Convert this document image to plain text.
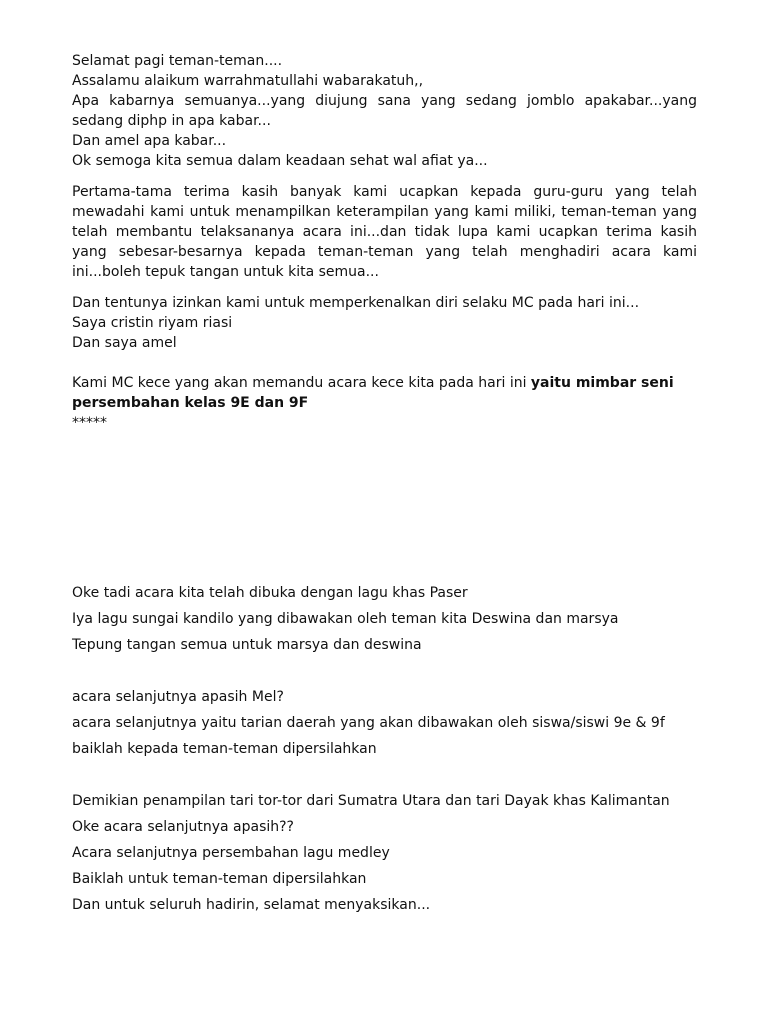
Selamat pagi teman-teman....
Assalamu alaikum warrahmatullahi wabarakatuh,,
Apa kabarnya semuanya...yang diujung sana yang sedang jomblo apakabar...yang sedang diphp in apa kabar...
Dan amel apa kabar...
Ok semoga kita semua dalam keadaan sehat wal afiat ya...
Pertama-tama terima kasih banyak kami ucapkan kepada guru-guru yang telah mewadahi kami untuk menampilkan keterampilan yang kami miliki, teman-teman yang telah membantu telaksananya acara ini...dan tidak lupa kami ucapkan terima kasih yang sebesar-besarnya kepada teman-teman yang telah menghadiri acara kami ini...boleh tepuk tangan untuk kita semua...
Dan tentunya izinkan kami untuk memperkenalkan diri selaku MC pada hari ini...
Saya cristin riyam riasi
Dan saya amel
Kami MC kece yang akan memandu acara kece kita pada hari ini yaitu mimbar seni
persembahan kelas 9E dan 9F
*****
Oke tadi acara kita telah dibuka dengan lagu khas Paser
Iya lagu sungai kandilo yang dibawakan oleh teman kita Deswina dan marsya
Tepung tangan semua untuk marsya dan deswina
acara selanjutnya apasih Mel?
acara selanjutnya yaitu tarian daerah yang akan dibawakan oleh siswa/siswi 9e & 9f
baiklah kepada teman-teman dipersilahkan
Demikian penampilan tari tor-tor dari Sumatra Utara dan tari Dayak khas Kalimantan
Oke acara selanjutnya apasih??
Acara selanjutnya persembahan lagu medley
Baiklah untuk teman-teman dipersilahkan
Dan untuk seluruh hadirin, selamat menyaksikan...
